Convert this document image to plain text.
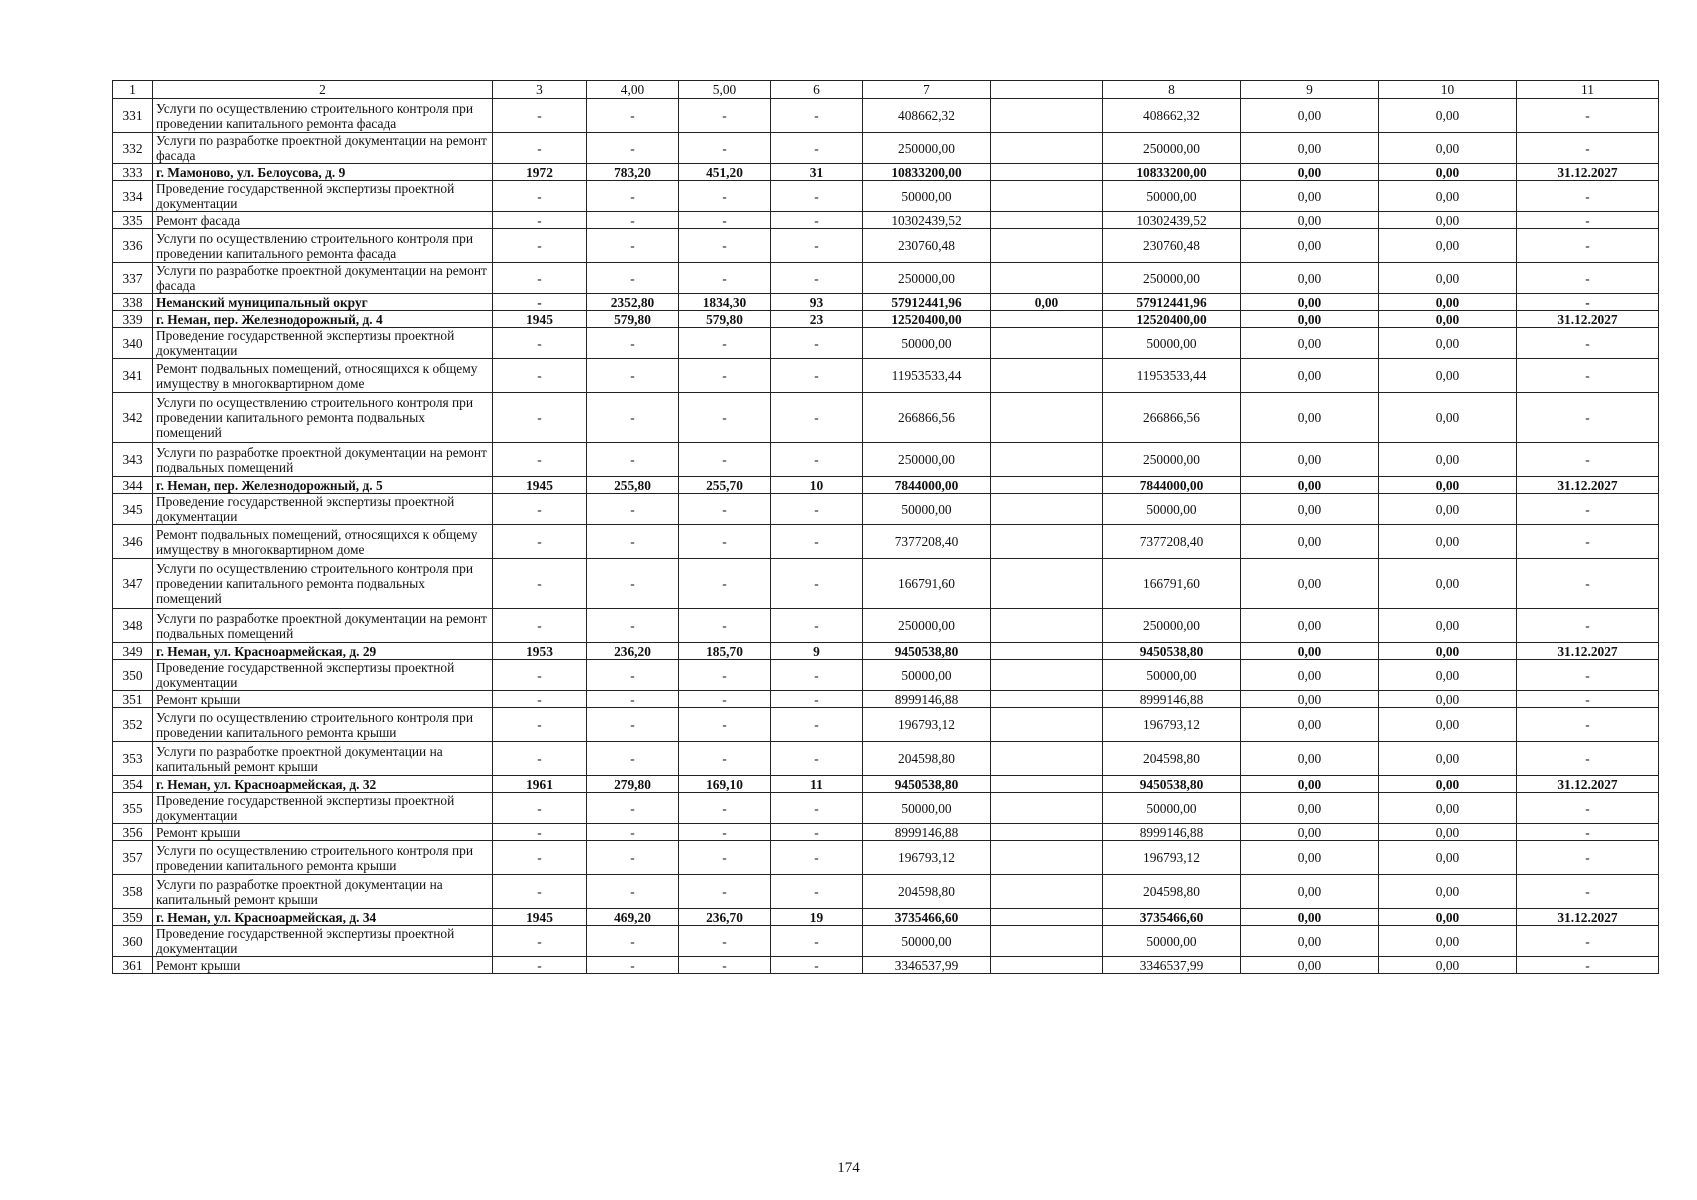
1	2	3	4,00	5,00	6	7		8	9	10	11
331	Услуги по осуществлению строительного контроля при проведении капитального ремонта фасада	-	-	-	-	408662,32		408662,32	0,00	0,00	-
332	Услуги по разработке проектной документации на ремонт фасада	-	-	-	-	250000,00		250000,00	0,00	0,00	-
333	г. Мамоново, ул. Белоусова, д. 9	1972	783,20	451,20	31	10833200,00		10833200,00	0,00	0,00	31.12.2027
334	Проведение государственной экспертизы проектной документации	-	-	-	-	50000,00		50000,00	0,00	0,00	-
335	Ремонт фасада	-	-	-	-	10302439,52		10302439,52	0,00	0,00	-
336	Услуги по осуществлению строительного контроля при проведении капитального ремонта фасада	-	-	-	-	230760,48		230760,48	0,00	0,00	-
337	Услуги по разработке проектной документации на ремонт фасада	-	-	-	-	250000,00		250000,00	0,00	0,00	-
338	Неманский муниципальный округ	-	2352,80	1834,30	93	57912441,96	0,00	57912441,96	0,00	0,00	-
339	г. Неман, пер. Железнодорожный, д. 4	1945	579,80	579,80	23	12520400,00		12520400,00	0,00	0,00	31.12.2027
340	Проведение государственной экспертизы проектной документации	-	-	-	-	50000,00		50000,00	0,00	0,00	-
341	Ремонт подвальных помещений, относящихся к общему имуществу в многоквартирном доме	-	-	-	-	11953533,44		11953533,44	0,00	0,00	-
342	Услуги по осуществлению строительного контроля при проведении капитального ремонта подвальных помещений	-	-	-	-	266866,56		266866,56	0,00	0,00	-
343	Услуги по разработке проектной документации на ремонт подвальных помещений	-	-	-	-	250000,00		250000,00	0,00	0,00	-
344	г. Неман, пер. Железнодорожный, д. 5	1945	255,80	255,70	10	7844000,00		7844000,00	0,00	0,00	31.12.2027
345	Проведение государственной экспертизы проектной документации	-	-	-	-	50000,00		50000,00	0,00	0,00	-
346	Ремонт подвальных помещений, относящихся к общему имуществу в многоквартирном доме	-	-	-	-	7377208,40		7377208,40	0,00	0,00	-
347	Услуги по осуществлению строительного контроля при проведении капитального ремонта подвальных помещений	-	-	-	-	166791,60		166791,60	0,00	0,00	-
348	Услуги по разработке проектной документации на ремонт подвальных помещений	-	-	-	-	250000,00		250000,00	0,00	0,00	-
349	г. Неман, ул. Красноармейская, д. 29	1953	236,20	185,70	9	9450538,80		9450538,80	0,00	0,00	31.12.2027
350	Проведение государственной экспертизы проектной документации	-	-	-	-	50000,00		50000,00	0,00	0,00	-
351	Ремонт крыши	-	-	-	-	8999146,88		8999146,88	0,00	0,00	-
352	Услуги по осуществлению строительного контроля при проведении капитального ремонта крыши	-	-	-	-	196793,12		196793,12	0,00	0,00	-
353	Услуги по разработке проектной документации на капитальный ремонт крыши	-	-	-	-	204598,80		204598,80	0,00	0,00	-
354	г. Неман, ул. Красноармейская, д. 32	1961	279,80	169,10	11	9450538,80		9450538,80	0,00	0,00	31.12.2027
355	Проведение государственной экспертизы проектной документации	-	-	-	-	50000,00		50000,00	0,00	0,00	-
356	Ремонт крыши	-	-	-	-	8999146,88		8999146,88	0,00	0,00	-
357	Услуги по осуществлению строительного контроля при проведении капитального ремонта крыши	-	-	-	-	196793,12		196793,12	0,00	0,00	-
358	Услуги по разработке проектной документации на капитальный ремонт крыши	-	-	-	-	204598,80		204598,80	0,00	0,00	-
359	г. Неман, ул. Красноармейская, д. 34	1945	469,20	236,70	19	3735466,60		3735466,60	0,00	0,00	31.12.2027
360	Проведение государственной экспертизы проектной документации	-	-	-	-	50000,00		50000,00	0,00	0,00	-
361	Ремонт крыши	-	-	-	-	3346537,99		3346537,99	0,00	0,00	-
174
